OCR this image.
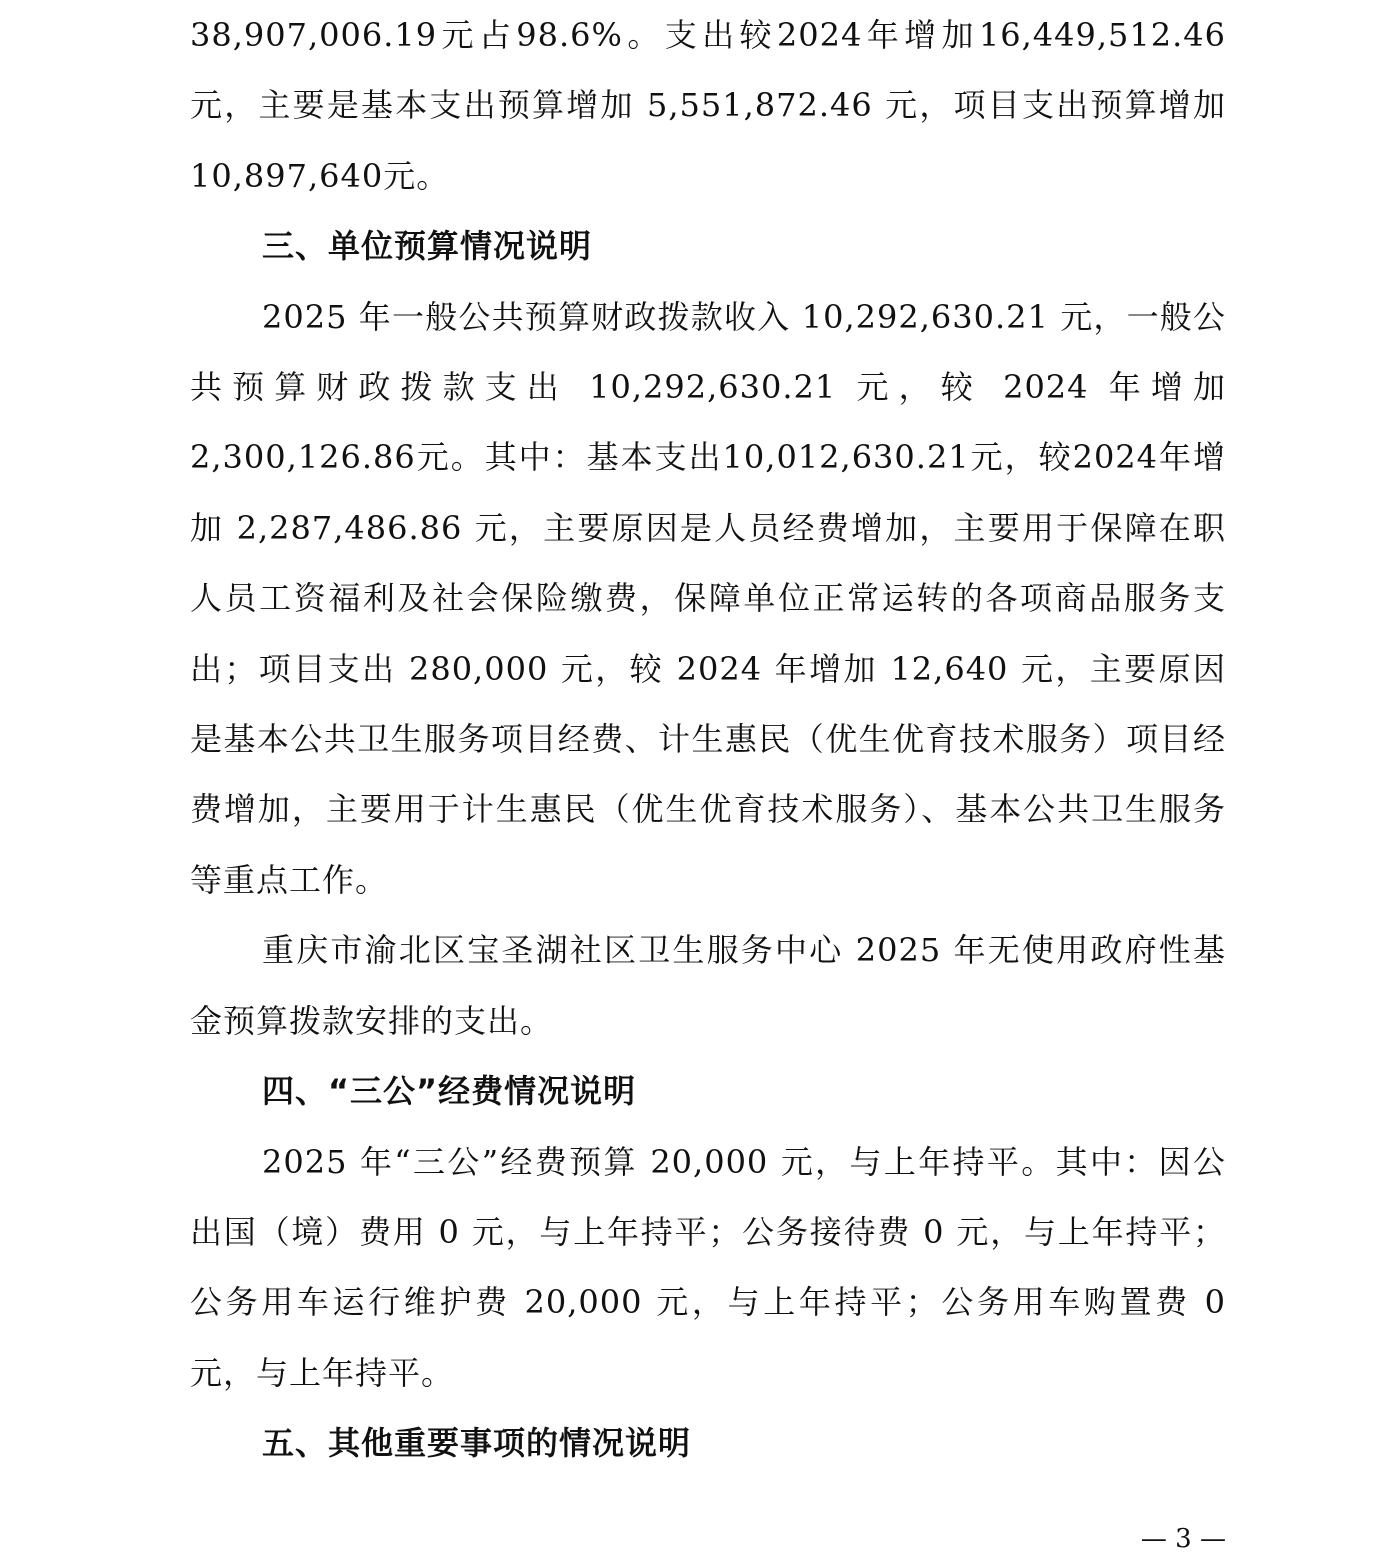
38,907,006.19元占98.6%。支出较2024年增加16,449,512.46元，主要是基本支出预算增加 5,551,872.46 元，项目支出预算增加10,897,640元。

三、单位预算情况说明

2025 年一般公共预算财政拨款收入 10,292,630.21 元，一般公共预算财政拨款支出 10,292,630.21 元，较 2024 年增加2,300,126.86元。其中：基本支出10,012,630.21元，较2024年增加 2,287,486.86 元，主要原因是人员经费增加，主要用于保障在职人员工资福利及社会保险缴费，保障单位正常运转的各项商品服务支出；项目支出 280,000 元，较 2024 年增加 12,640 元，主要原因是基本公共卫生服务项目经费、计生惠民（优生优育技术服务）项目经费增加，主要用于计生惠民（优生优育技术服务）、基本公共卫生服务等重点工作。

重庆市渝北区宝圣湖社区卫生服务中心 2025 年无使用政府性基金预算拨款安排的支出。

四、“三公”经费情况说明

2025 年“三公”经费预算 20,000 元，与上年持平。其中：因公出国（境）费用 0 元，与上年持平；公务接待费 0 元，与上年持平；公务用车运行维护费 20,000 元，与上年持平；公务用车购置费 0 元，与上年持平。

五、其他重要事项的情况说明

— 3 —
